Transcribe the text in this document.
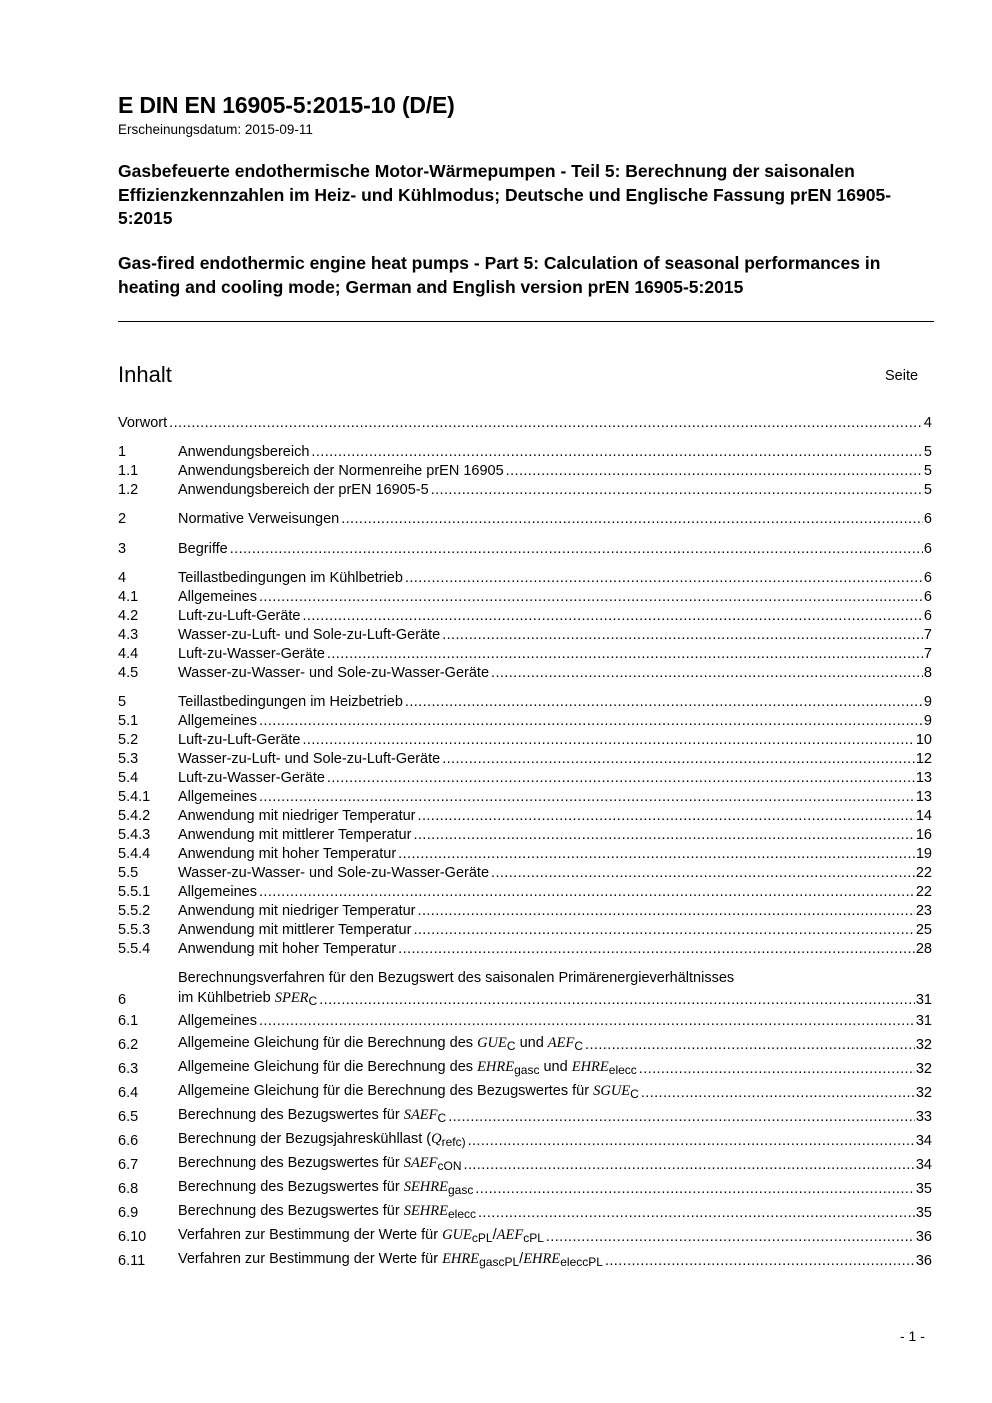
E DIN EN 16905-5:2015-10 (D/E)
Erscheinungsdatum: 2015-09-11
Gasbefeuerte endothermische Motor-Wärmepumpen - Teil 5: Berechnung der saisonalen Effizienzkennzahlen im Heiz- und Kühlmodus; Deutsche und Englische Fassung prEN 16905-5:2015
Gas-fired endothermic engine heat pumps - Part 5: Calculation of seasonal performances in heating and cooling mode; German and English version prEN 16905-5:2015
Inhalt	Seite
Vorwort .....	4
1	Anwendungsbereich .....	5
1.1	Anwendungsbereich der Normenreihe prEN 16905 .....	5
1.2	Anwendungsbereich der prEN 16905-5 .....	5
2	Normative Verweisungen .....	6
3	Begriffe .....	6
4	Teillastbedingungen im Kühlbetrieb .....	6
4.1	Allgemeines .....	6
4.2	Luft-zu-Luft-Geräte .....	6
4.3	Wasser-zu-Luft- und Sole-zu-Luft-Geräte .....	7
4.4	Luft-zu-Wasser-Geräte .....	7
4.5	Wasser-zu-Wasser- und Sole-zu-Wasser-Geräte .....	8
5	Teillastbedingungen im Heizbetrieb .....	9
5.1	Allgemeines .....	9
5.2	Luft-zu-Luft-Geräte .....	10
5.3	Wasser-zu-Luft- und Sole-zu-Luft-Geräte .....	12
5.4	Luft-zu-Wasser-Geräte .....	13
5.4.1	Allgemeines .....	13
5.4.2	Anwendung mit niedriger Temperatur .....	14
5.4.3	Anwendung mit mittlerer Temperatur .....	16
5.4.4	Anwendung mit hoher Temperatur .....	19
5.5	Wasser-zu-Wasser- und Sole-zu-Wasser-Geräte .....	22
5.5.1	Allgemeines .....	22
5.5.2	Anwendung mit niedriger Temperatur .....	23
5.5.3	Anwendung mit mittlerer Temperatur .....	25
5.5.4	Anwendung mit hoher Temperatur .....	28
Berechnungsverfahren für den Bezugswert des saisonalen Primärenergieverhältnisses
6	im Kühlbetrieb $SPER_C$ .....	31
6.1	Allgemeines .....	31
6.2	Allgemeine Gleichung für die Berechnung des $GUE_C$ und $AEF_C$ .....	32
6.3	Allgemeine Gleichung für die Berechnung des $EHRE_{gasc}$ und $EHRE_{elecc}$ .....	32
6.4	Allgemeine Gleichung für die Berechnung des Bezugswertes für $SGUE_C$ .....	32
6.5	Berechnung des Bezugswertes für $SAEF_C$ .....	33
6.6	Berechnung der Bezugsjahreskühllast ($Q_{refc)}$ .....	34
6.7	Berechnung des Bezugswertes für $SAEF_{cON}$ .....	34
6.8	Berechnung des Bezugswertes für $SEHRE_{gasc}$ .....	35
6.9	Berechnung des Bezugswertes für $SEHRE_{elecc}$ .....	35
6.10	Verfahren zur Bestimmung der Werte für $GUE_{cPL}/AEF_{cPL}$ .....	36
6.11	Verfahren zur Bestimmung der Werte für $EHRE_{gascPL}/EHRE_{eleccPL}$ .....	36
- 1 -
